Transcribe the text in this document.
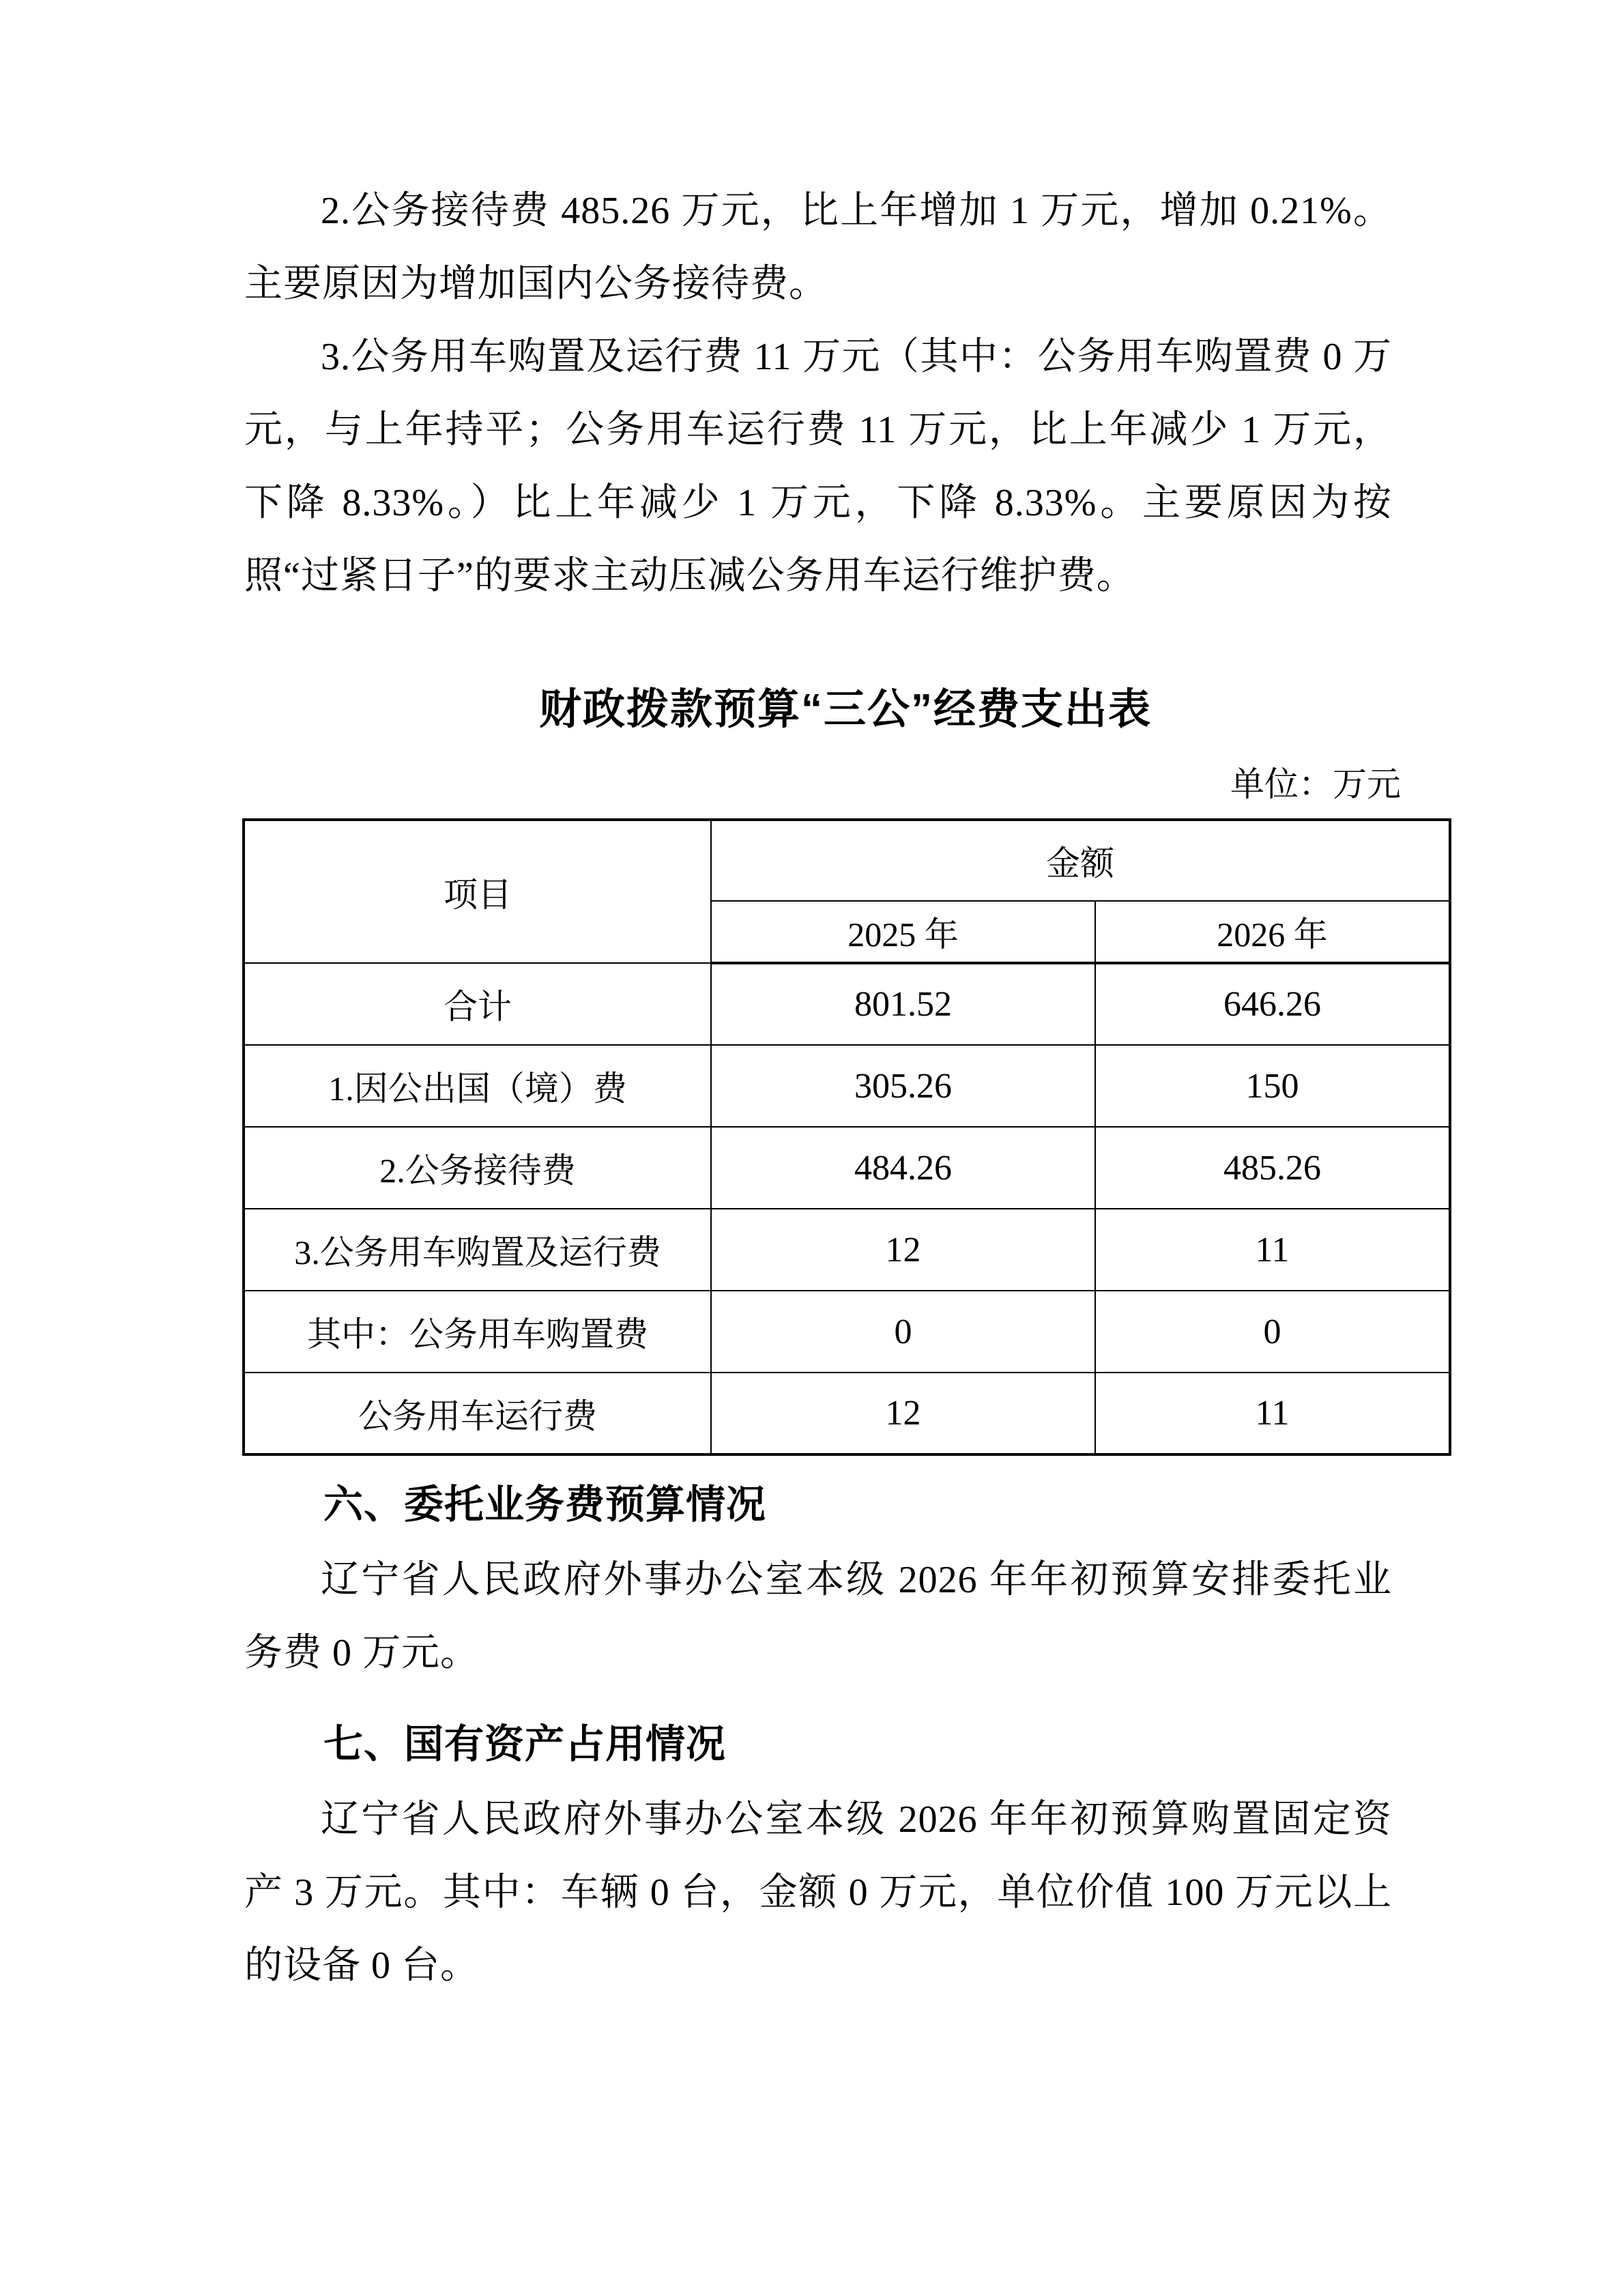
2.公务接待费 485.26 万元，比上年增加 1 万元，增加 0.21%。主要原因为增加国内公务接待费。

3.公务用车购置及运行费 11 万元（其中：公务用车购置费 0 万元，与上年持平；公务用车运行费 11 万元，比上年减少 1 万元，下降 8.33%。）比上年减少 1 万元，下降 8.33%。主要原因为按照“过紧日子”的要求主动压减公务用车运行维护费。

财政拨款预算“三公”经费支出表
单位：万元
项目	金额	
	2025 年	2026 年
合计	801.52	646.26
1.因公出国（境）费	305.26	150
2.公务接待费	484.26	485.26
3.公务用车购置及运行费	12	11
其中：公务用车购置费	0	0
公务用车运行费	12	11
六、委托业务费预算情况

辽宁省人民政府外事办公室本级 2026 年年初预算安排委托业务费 0 万元。

七、国有资产占用情况

辽宁省人民政府外事办公室本级 2026 年年初预算购置固定资产 3 万元。其中：车辆 0 台，金额 0 万元，单位价值 100 万元以上的设备 0 台。
